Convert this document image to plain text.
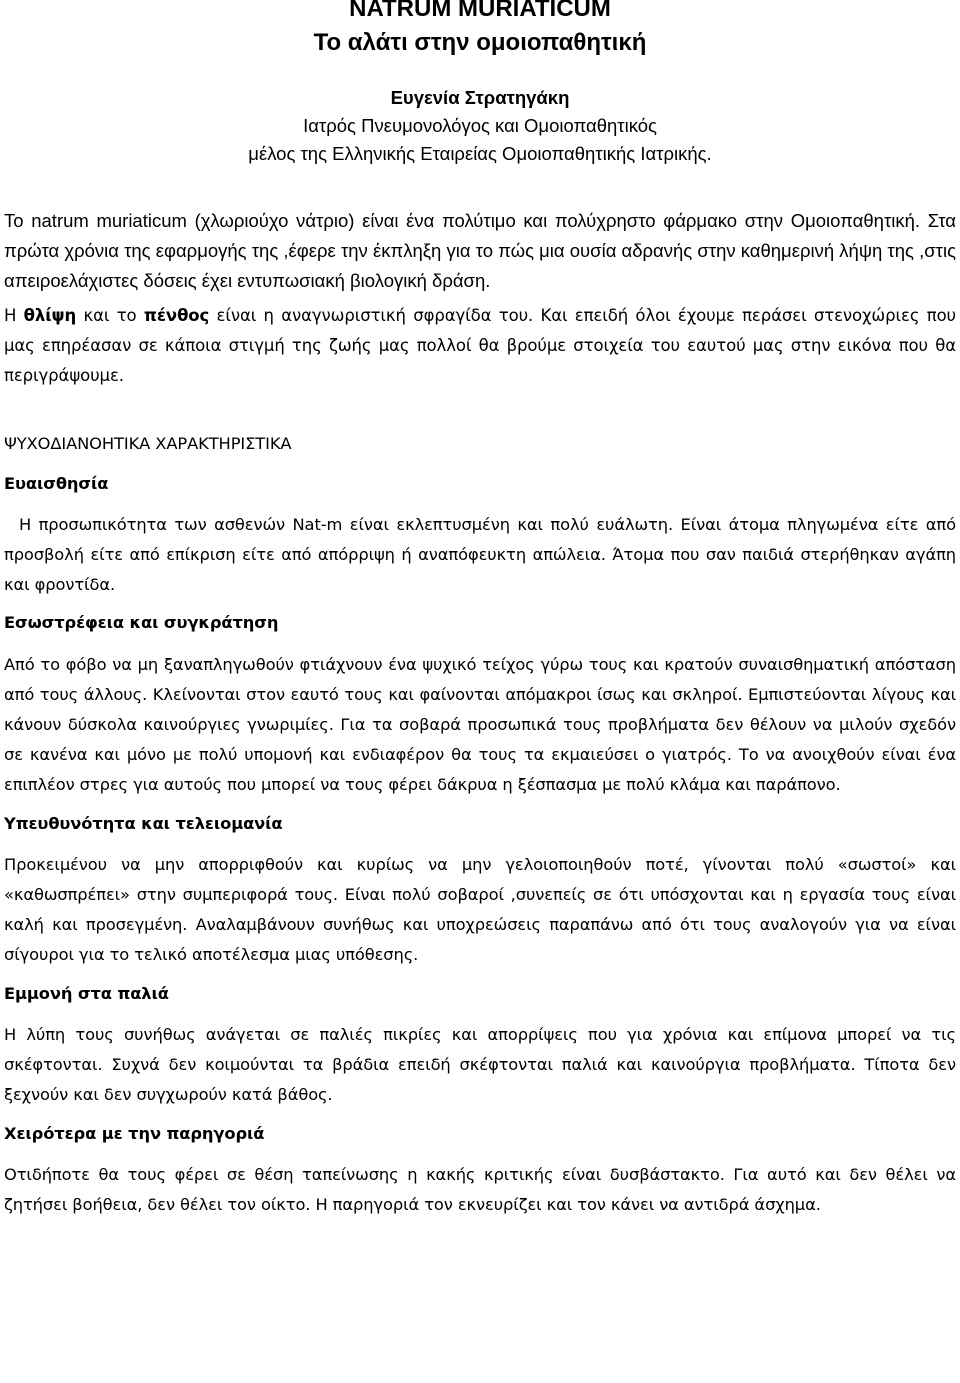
NATRUM MURIATICUM
Το αλάτι στην ομοιοπαθητική
Ευγενία Στρατηγάκη
Ιατρός Πνευμονολόγος και Ομοιοπαθητικός
μέλος της Ελληνικής Εταιρείας Ομοιοπαθητικής Ιατρικής.

Το natrum muriaticum (χλωριούχο νάτριο) είναι ένα πολύτιμο και πολύχρηστο φάρμακο στην Ομοιοπαθητική. Στα πρώτα χρόνια της εφαρμογής της ,έφερε την έκπληξη για το πώς μια ουσία αδρανής στην καθημερινή λήψη της ,στις απειροελάχιστες δόσεις έχει εντυπωσιακή βιολογική δράση.

Η θλίψη και το πένθος είναι η αναγνωριστική σφραγίδα του. Και επειδή όλοι έχουμε περάσει στενοχώριες που μας επηρέασαν σε κάποια στιγμή της ζωής μας πολλοί θα βρούμε στοιχεία του εαυτού μας στην εικόνα που θα περιγράψουμε.

ΨΥΧΟΔΙΑΝΟΗΤΙΚΑ ΧΑΡΑΚΤΗΡΙΣΤΙΚΑ

Ευαισθησία

Η προσωπικότητα των ασθενών Nat-m είναι εκλεπτυσμένη και πολύ ευάλωτη. Είναι άτομα πληγωμένα είτε από προσβολή είτε από επίκριση είτε από απόρριψη ή αναπόφευκτη απώλεια. Άτομα που σαν παιδιά στερήθηκαν αγάπη και φροντίδα.

Εσωστρέφεια και συγκράτηση

Από το φόβο να μη ξαναπληγωθούν φτιάχνουν ένα ψυχικό τείχος γύρω τους και κρατούν συναισθηματική απόσταση από τους άλλους. Κλείνονται στον εαυτό τους και φαίνονται απόμακροι ίσως και σκληροί. Εμπιστεύονται λίγους και κάνουν δύσκολα καινούργιες γνωριμίες. Για τα σοβαρά προσωπικά τους προβλήματα δεν θέλουν να μιλούν σχεδόν σε κανένα και μόνο με πολύ υπομονή και ενδιαφέρον θα τους τα εκμαιεύσει ο γιατρός. Το να ανοιχθούν είναι ένα επιπλέον στρες για αυτούς που μπορεί να τους φέρει δάκρυα η ξέσπασμα με πολύ κλάμα και παράπονο.

Υπευθυνότητα και τελειομανία

Προκειμένου να μην απορριφθούν και κυρίως να μην γελοιοποιηθούν ποτέ, γίνονται πολύ «σωστοί» και «καθωσπρέπει» στην συμπεριφορά τους. Είναι πολύ σοβαροί ,συνεπείς σε ότι υπόσχονται και η εργασία τους είναι καλή και προσεγμένη. Αναλαμβάνουν συνήθως και υποχρεώσεις παραπάνω από ότι τους αναλογούν για να είναι σίγουροι για το τελικό αποτέλεσμα μιας υπόθεσης.

Εμμονή στα παλιά

Η λύπη τους συνήθως ανάγεται σε παλιές πικρίες και απορρίψεις που για χρόνια και επίμονα μπορεί να τις σκέφτονται. Συχνά δεν κοιμούνται τα βράδια επειδή σκέφτονται παλιά και καινούργια προβλήματα. Τίποτα δεν ξεχνούν και δεν συγχωρούν κατά βάθος.

Χειρότερα με την παρηγοριά

Οτιδήποτε θα τους φέρει σε θέση ταπείνωσης η κακής κριτικής είναι δυσβάστακτο. Για αυτό και δεν θέλει να ζητήσει βοήθεια, δεν θέλει τον οίκτο. Η παρηγοριά τον εκνευρίζει και τον κάνει να αντιδρά άσχημα.
